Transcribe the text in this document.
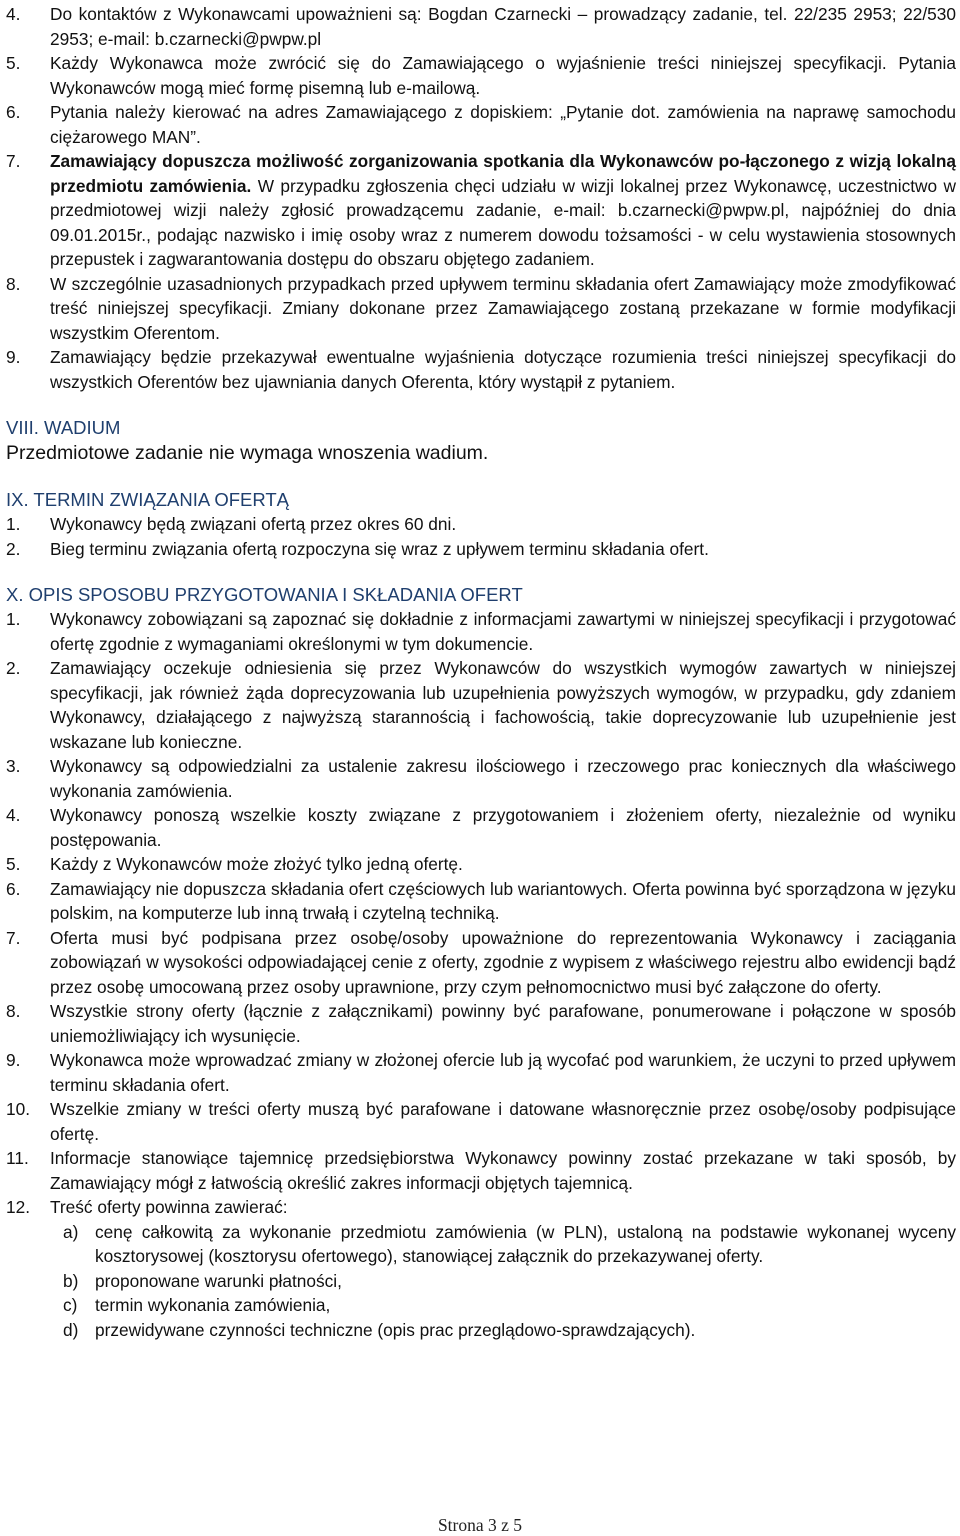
4. Do kontaktów z Wykonawcami upoważnieni są: Bogdan Czarnecki – prowadzący zadanie, tel. 22/235 2953; 22/530 2953; e-mail: b.czarnecki@pwpw.pl
5. Każdy Wykonawca może zwrócić się do Zamawiającego o wyjaśnienie treści niniejszej specyfikacji. Pytania Wykonawców mogą mieć formę pisemną lub e-mailową.
6. Pytania należy kierować na adres Zamawiającego z dopiskiem: „Pytanie dot. zamówienia na naprawę samochodu ciężarowego MAN”.
7. Zamawiający dopuszcza możliwość zorganizowania spotkania dla Wykonawców po-łączonego z wizją lokalną przedmiotu zamówienia. W przypadku zgłoszenia chęci udziału w wizji lokalnej przez Wykonawcę, uczestnictwo w przedmiotowej wizji należy zgłosić prowadzącemu zadanie, e-mail: b.czarnecki@pwpw.pl, najpóźniej do dnia 09.01.2015r., podając nazwisko i imię osoby wraz z numerem dowodu tożsamości - w celu wystawienia stosownych przepustek i zagwarantowania dostępu do obszaru objętego zadaniem.
8. W szczególnie uzasadnionych przypadkach przed upływem terminu składania ofert Zamawiający może zmodyfikować treść niniejszej specyfikacji. Zmiany dokonane przez Zamawiającego zostaną przekazane w formie modyfikacji wszystkim Oferentom.
9. Zamawiający będzie przekazywał ewentualne wyjaśnienia dotyczące rozumienia treści niniejszej specyfikacji do wszystkich Oferentów bez ujawniania danych Oferenta, który wystąpił z pytaniem.
VIII. WADIUM
Przedmiotowe zadanie nie wymaga wnoszenia wadium.
IX. TERMIN ZWIĄZANIA OFERTĄ
1. Wykonawcy będą związani ofertą przez okres 60 dni.
2. Bieg terminu związania ofertą rozpoczyna się wraz z upływem terminu składania ofert.
X. OPIS SPOSOBU PRZYGOTOWANIA I SKŁADANIA OFERT
1. Wykonawcy zobowiązani są zapoznać się dokładnie z informacjami zawartymi w niniejszej specyfikacji i przygotować ofertę zgodnie z wymaganiami określonymi w tym dokumencie.
2. Zamawiający oczekuje odniesienia się przez Wykonawców do wszystkich wymogów zawartych w niniejszej specyfikacji, jak również żąda doprecyzowania lub uzupełnienia powyższych wymogów, w przypadku, gdy zdaniem Wykonawcy, działającego z najwyższą starannością i fachowością, takie doprecyzowanie lub uzupełnienie jest wskazane lub konieczne.
3. Wykonawcy są odpowiedzialni za ustalenie zakresu ilościowego i rzeczowego prac koniecznych dla właściwego wykonania zamówienia.
4. Wykonawcy ponoszą wszelkie koszty związane z przygotowaniem i złożeniem oferty, niezależnie od wyniku postępowania.
5. Każdy z Wykonawców może złożyć tylko jedną ofertę.
6. Zamawiający nie dopuszcza składania ofert częściowych lub wariantowych. Oferta powinna być sporządzona w języku polskim, na komputerze lub inną trwałą i czytelną techniką.
7. Oferta musi być podpisana przez osobę/osoby upoważnione do reprezentowania Wykonawcy i zaciągania zobowiązań w wysokości odpowiadającej cenie z oferty, zgodnie z wypisem z właściwego rejestru albo ewidencji bądź przez osobę umocowaną przez osoby uprawnione, przy czym pełnomocnictwo musi być załączone do oferty.
8. Wszystkie strony oferty (łącznie z załącznikami) powinny być parafowane, ponumerowane i połączone w sposób uniemożliwiający ich wysunięcie.
9. Wykonawca może wprowadzać zmiany w złożonej ofercie lub ją wycofać pod warunkiem, że uczyni to przed upływem terminu składania ofert.
10. Wszelkie zmiany w treści oferty muszą być parafowane i datowane własnoręcznie przez osobę/osoby podpisujące ofertę.
11. Informacje stanowiące tajemnicę przedsiębiorstwa Wykonawcy powinny zostać przekazane w taki sposób, by Zamawiający mógł z łatwością określić zakres informacji objętych tajemnicą.
12. Treść oferty powinna zawierać:
a) cenę całkowitą za wykonanie przedmiotu zamówienia (w PLN), ustaloną na podstawie wykonanej wyceny kosztorysowej (kosztorysu ofertowego), stanowiącej załącznik do przekazywanej oferty.
b) proponowane warunki płatności,
c) termin wykonania zamówienia,
d) przewidywane czynności techniczne (opis prac przeglądowo-sprawdzających).
Strona 3 z 5
